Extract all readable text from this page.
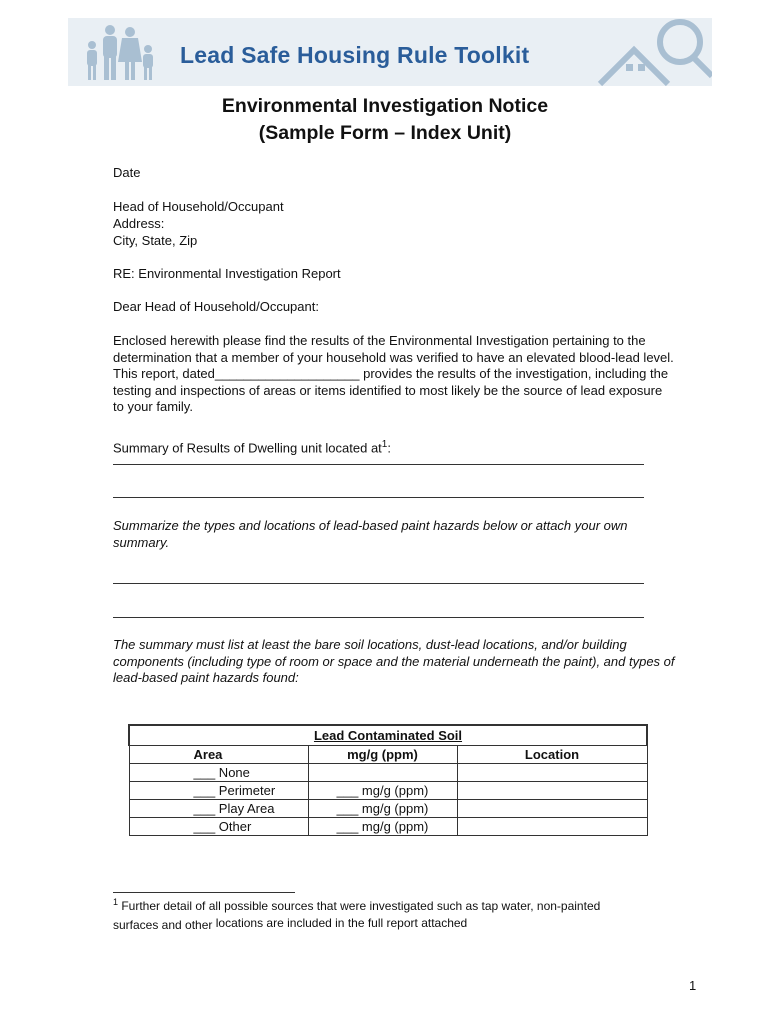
Lead Safe Housing Rule Toolkit
Environmental Investigation Notice
(Sample Form – Index Unit)
Date
Head of Household/Occupant
Address:
City, State, Zip
RE: Environmental Investigation Report
Dear Head of Household/Occupant:
Enclosed herewith please find the results of the Environmental Investigation pertaining to the determination that a member of your household was verified to have an elevated blood-lead level. This report, dated____________________ provides the results of the investigation, including the testing and inspections of areas or items identified to most likely be the source of lead exposure to your family.
Summary of Results of Dwelling unit located $at^1$:
Summarize the types and locations of lead-based paint hazards below or attach your own summary.
The summary must list at least the bare soil locations, dust-lead locations, and/or building components (including type of room or space and the material underneath the paint), and types of lead-based paint hazards found:
Lead Contaminated Soil		
Area	mg/g (ppm)	Location
___ None		
___ Perimeter	___ mg/g (ppm)	
___ Play Area	___ mg/g (ppm)	
___ Other	___ mg/g (ppm)	
$^1$ Further detail of all possible sources that were investigated such as tap water, non-painted
surfaces and other locations are included in the full report attached
1
